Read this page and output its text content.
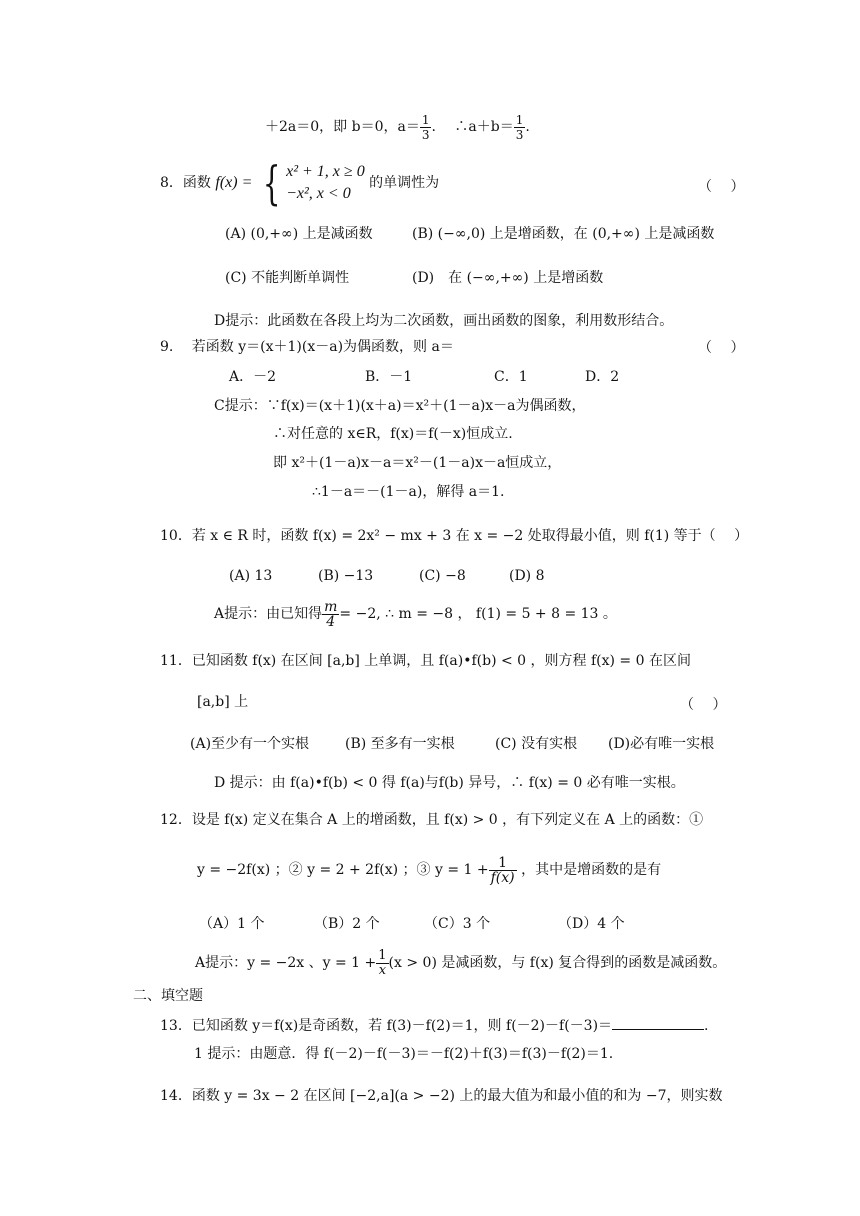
＋2a＝0，即 b＝0，$a= \frac{1}{3}$ .　 ∴a＋b＝ $\frac{1}{3}$ .
8．函数 f(x) = { x² + 1, x ≥ 0
−x², x < 0
的单调性为	（　 ）
(A) (0,+∞) 上是减函数	(B) (−∞,0) 上是增函数，在 (0,+∞) 上是减函数
(C) 不能判断单调性	(D)　在 (−∞,+∞) 上是增函数
D提示：此函数在各段上均为二次函数，画出函数的图象，利用数形结合。
9.　 若函数 y＝(x＋1)(x－a)为偶函数，则 a＝	（　 ）
A．－2	B．－1	C．1	D．2
C提示：∵f(x)＝(x＋1)(x＋a)＝x²＋(1－a)x－a为偶函数，
∴对任意的 x∈R，f(x)＝f(－x)恒成立.
即 x²＋(1－a)x－a＝x²－(1－a)x－a恒成立，
∴1－a＝－(1－a)，解得 a＝1.
10．若 x ∈ R 时，函数 f(x) = 2x² − mx + 3 在 x = −2 处取得最小值，则 f(1) 等于（　 ）
(A) 13	(B) −13	(C) −8	(D) 8
A提示：由已知得 $\frac{m}{4} = -2$, ∴ m = −8 ， f(1) = 5 + 8 = 13 。
11．已知函数 f(x) 在区间 [a,b] 上单调，且 f(a)•f(b) < 0 ，则方程 f(x) = 0 在区间
[a,b] 上	（　 ）
(A)至少有一个实根	(B) 至多有一实根	(C) 没有实根 (D)必有唯一实根
D 提示：由 f(a)•f(b) < 0 得 f(a)与f(b) 异号，∴ f(x) = 0 必有唯一实根。
12．设是 f(x) 定义在集合 A 上的增函数，且 f(x) > 0 ，有下列定义在 A 上的函数：①
y = −2f(x) ；② y = 2 + 2f(x) ；③ $y = 1 + \frac{1}{f(x)}$ ，其中是增函数的是有
（A）1 个	（B）2 个	（C）3 个	（D）4 个
A提示：y = −2x 、$y = 1 + \frac{1}{x} (x > 0)$ 是减函数，与 f(x) 复合得到的函数是减函数。
二、填空题
13．已知函数 y＝f(x)是奇函数，若 f(3)－f(2)＝1，则 f(－2)－f(－3)＝	.
1 提示：由题意．得 f(－2)－f(－3)＝－f(2)＋f(3)＝f(3)－f(2)＝1.
14．函数 y = 3x − 2 在区间 [−2,a](a > −2) 上的最大值为和最小值的和为 −7，则实数
